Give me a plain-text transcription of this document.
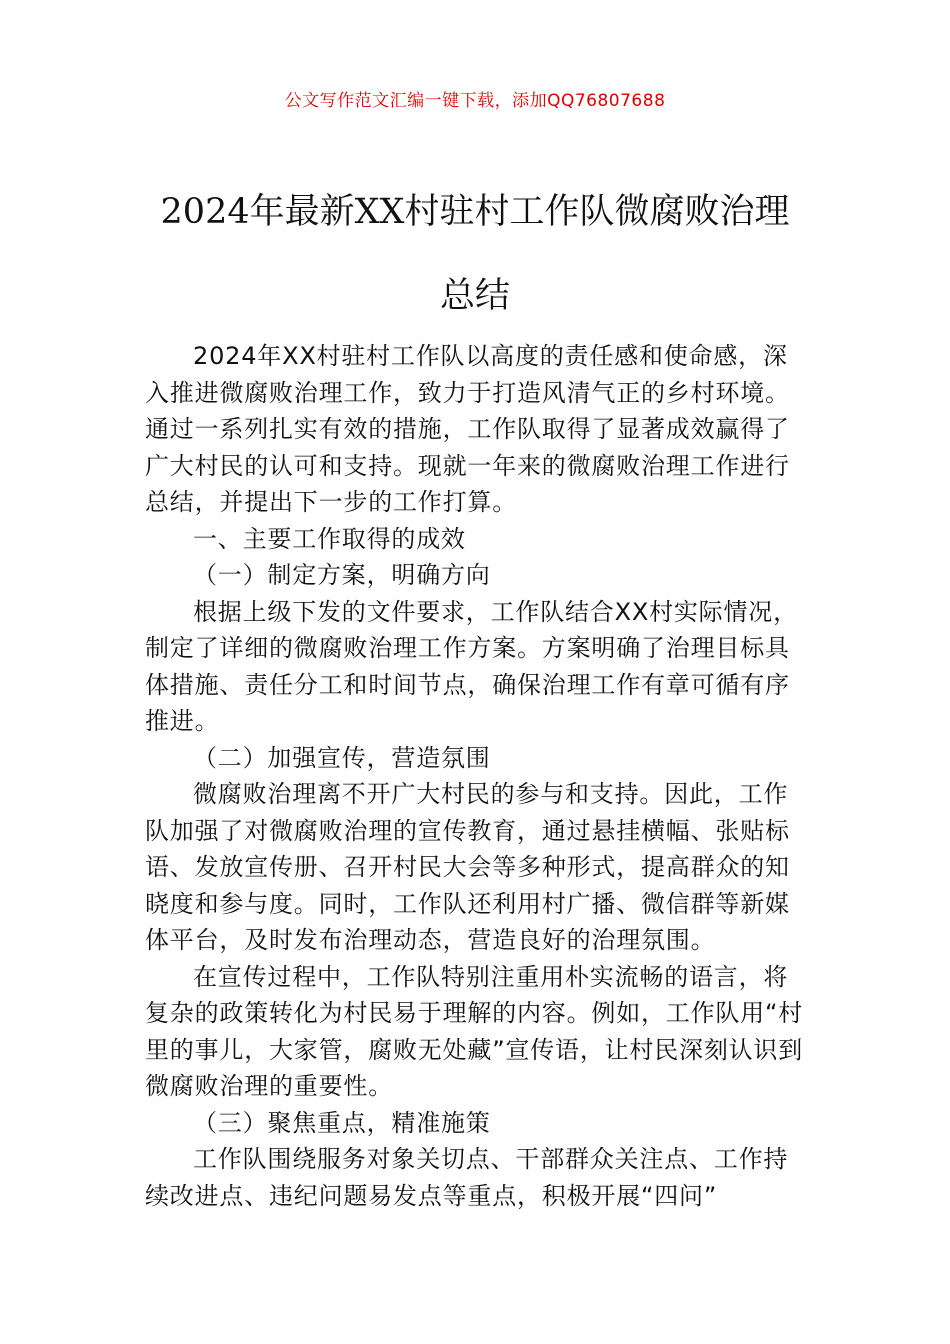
公文写作范文汇编一键下载，添加QQ76807688
2024年最新XX村驻村工作队微腐败治理总结

2024年XX村驻村工作队以高度的责任感和使命感，深入推进微腐败治理工作，致力于打造风清气正的乡村环境。通过一系列扎实有效的措施，工作队取得了显著成效赢得了广大村民的认可和支持。现就一年来的微腐败治理工作进行总结，并提出下一步的工作打算。

一、主要工作取得的成效

（一）制定方案，明确方向

根据上级下发的文件要求，工作队结合XX村实际情况，制定了详细的微腐败治理工作方案。方案明确了治理目标具体措施、责任分工和时间节点，确保治理工作有章可循有序推进。

（二）加强宣传，营造氛围

微腐败治理离不开广大村民的参与和支持。因此，工作队加强了对微腐败治理的宣传教育，通过悬挂横幅、张贴标语、发放宣传册、召开村民大会等多种形式，提高群众的知晓度和参与度。同时，工作队还利用村广播、微信群等新媒体平台，及时发布治理动态，营造良好的治理氛围。

在宣传过程中，工作队特别注重用朴实流畅的语言，将复杂的政策转化为村民易于理解的内容。例如，工作队用“村里的事儿，大家管，腐败无处藏”宣传语，让村民深刻认识到微腐败治理的重要性。

（三）聚焦重点，精准施策

工作队围绕服务对象关切点、干部群众关注点、工作持续改进点、违纪问题易发点等重点，积极开展“四问”
